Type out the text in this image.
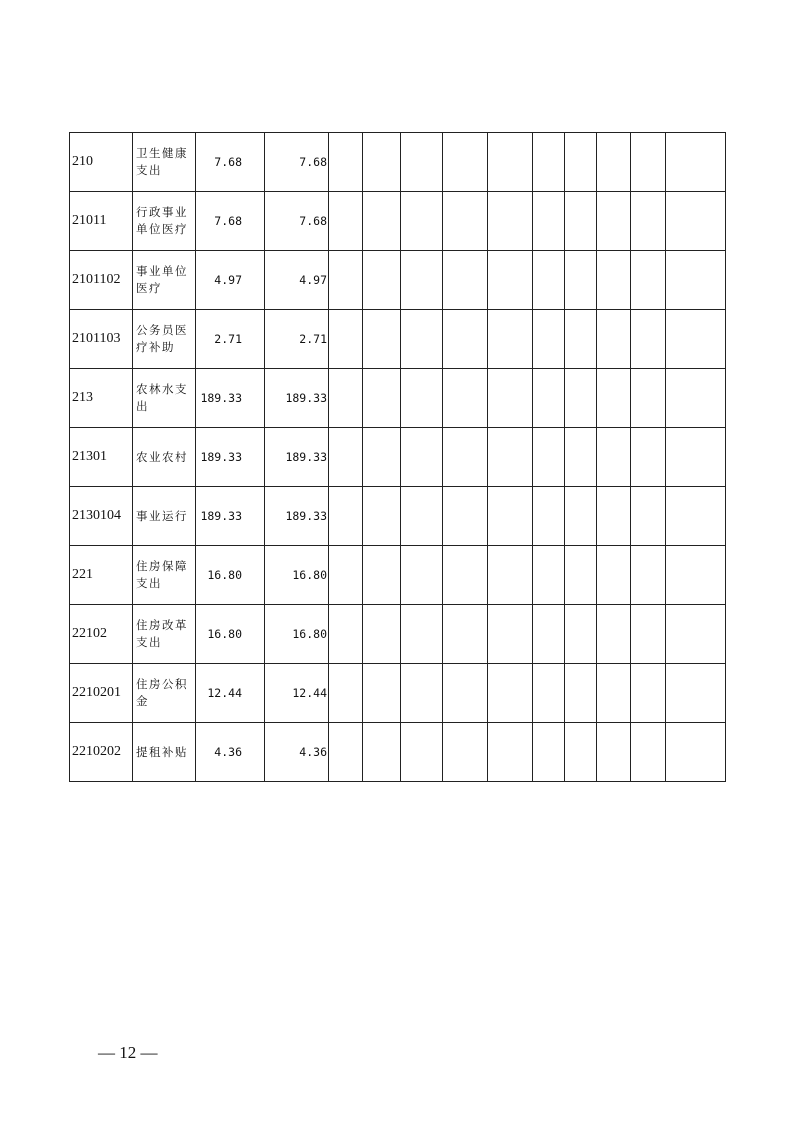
210	卫生健康支出	7.68	7.68										
21011	行政事业单位医疗	7.68	7.68										
2101102	事业单位医疗	4.97	4.97										
2101103	公务员医疗补助	2.71	2.71										
213	农林水支出	189.33	189.33										
21301	农业农村	189.33	189.33										
2130104	事业运行	189.33	189.33										
221	住房保障支出	16.80	16.80										
22102	住房改革支出	16.80	16.80										
2210201	住房公积金	12.44	12.44										
2210202	提租补贴	4.36	4.36										
— 12 —
